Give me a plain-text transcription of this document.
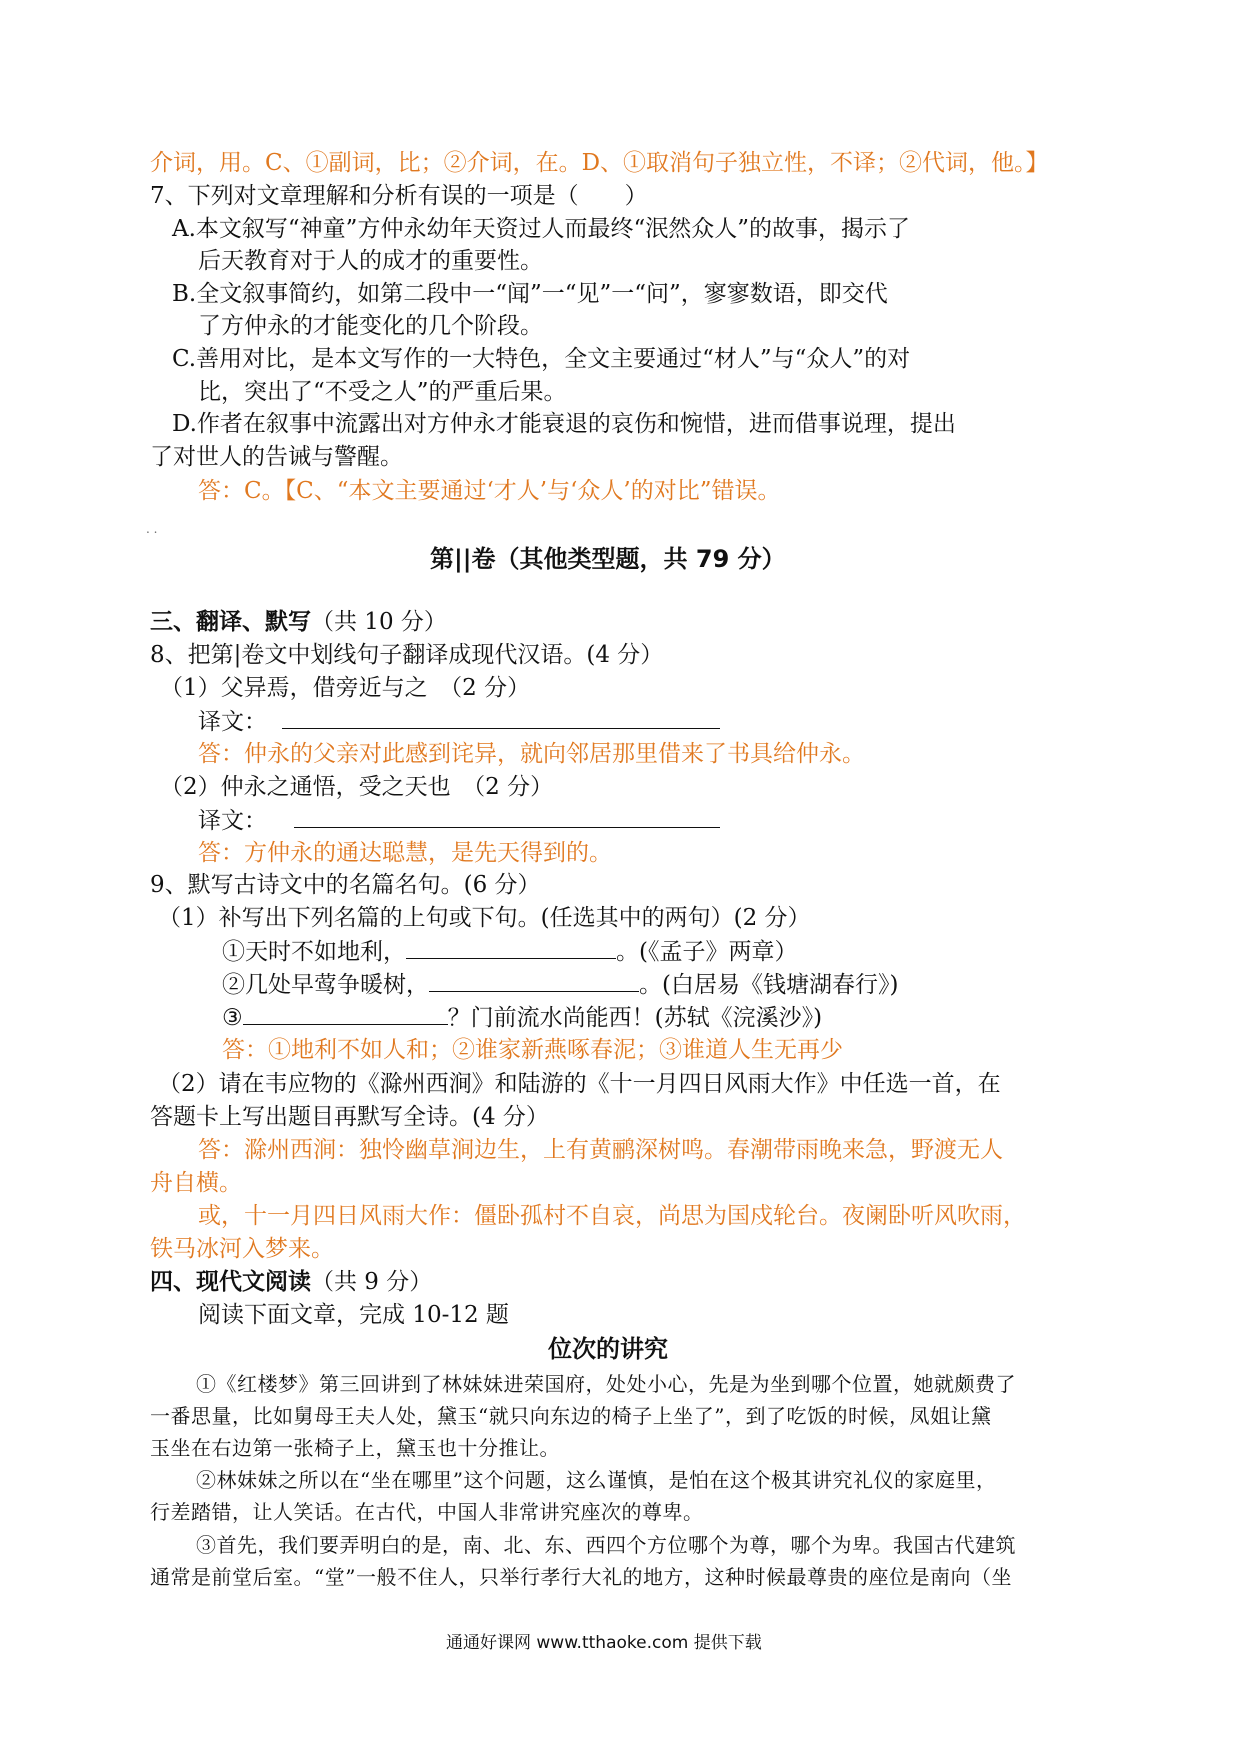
介词，用。C、①副词，比；②介词，在。D、①取消句子独立性，不译；②代词，他。】
7、下列对文章理解和分析有误的一项是（　　）
A.本文叙写“神童”方仲永幼年天资过人而最终“泯然众人”的故事，揭示了
后天教育对于人的成才的重要性。
B.全文叙事简约，如第二段中一“闻”一“见”一“问”，寥寥数语，即交代
了方仲永的才能变化的几个阶段。
C.善用对比，是本文写作的一大特色，全文主要通过“材人”与“众人”的对
比，突出了“不受之人”的严重后果。
D.作者在叙事中流露出对方仲永才能衰退的哀伤和惋惜，进而借事说理，提出
了对世人的告诫与警醒。
答：C。【C、“本文主要通过‘才人’与‘众人’的对比”错误。
. .
第||卷（其他类型题，共 79 分）
三、翻译、默写（共 10 分）
8、把第|卷文中划线句子翻译成现代汉语。(4 分）
（1）父异焉，借旁近与之　（2 分）
译文：
答：仲永的父亲对此感到诧异，就向邻居那里借来了书具给仲永。
（2）仲永之通悟，受之天也　（2 分）
译文：
答：方仲永的通达聪慧，是先天得到的。
9、默写古诗文中的名篇名句。(6 分）
（1）补写出下列名篇的上句或下句。(任选其中的两句）(2 分）
①天时不如地利，	。(《孟子》两章）
②几处早莺争暖树，	。(白居易《钱塘湖春行》)
③	？门前流水尚能西！(苏轼《浣溪沙》)
答：①地利不如人和；②谁家新燕啄春泥；③谁道人生无再少
（2）请在韦应物的《滁州西涧》和陆游的《十一月四日风雨大作》中任选一首，在
答题卡上写出题目再默写全诗。(4 分）
答：滁州西涧：独怜幽草涧边生，上有黄鹂深树鸣。春潮带雨晚来急，野渡无人
舟自横。
或，十一月四日风雨大作：僵卧孤村不自哀，尚思为国戍轮台。夜阑卧听风吹雨，
铁马冰河入梦来。
四、现代文阅读（共 9 分）
阅读下面文章，完成 10-12 题
位次的讲究
①《红楼梦》第三回讲到了林妹妹进荣国府，处处小心，先是为坐到哪个位置，她就颇费了
一番思量，比如舅母王夫人处，黛玉“就只向东边的椅子上坐了”，到了吃饭的时候，凤姐让黛
玉坐在右边第一张椅子上，黛玉也十分推让。
②林妹妹之所以在“坐在哪里”这个问题，这么谨慎，是怕在这个极其讲究礼仪的家庭里，
行差踏错，让人笑话。在古代，中国人非常讲究座次的尊卑。
③首先，我们要弄明白的是，南、北、东、西四个方位哪个为尊，哪个为卑。我国古代建筑
通常是前堂后室。“堂”一般不住人，只举行孝行大礼的地方，这种时候最尊贵的座位是南向（坐
通通好课网 www.tthaoke.com 提供下载
